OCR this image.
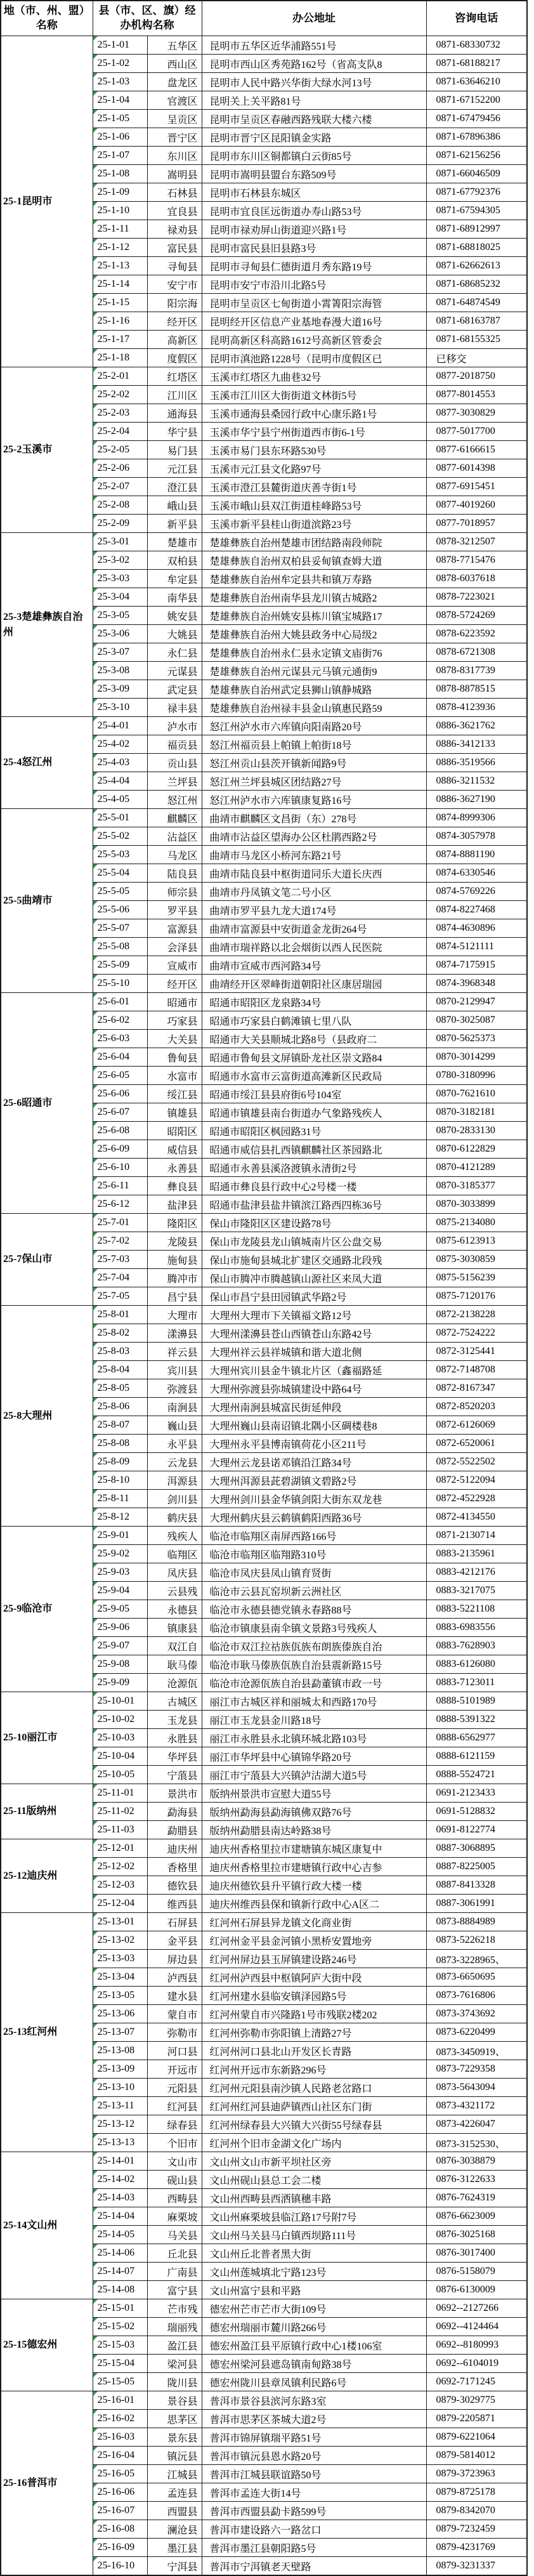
地（市、州、盟）名称	县（市、区、旗）经办机构名称		办公地址	咨询电话
25-1昆明市	25-1-01	五华区	昆明市五华区近华浦路551号	0871-68330732
	25-1-02	西山区	昆明市西山区秀苑路162号（省高支队8	0871-68188217
	25-1-03	盘龙区	昆明市人民中路兴华街大绿水河13号	0871-63646210
	25-1-04	官渡区	昆明关上关平路81号	0871-67152200
	25-1-05	呈贡区	昆明市呈贡区春融西路残联大楼六楼	0871-67479456
	25-1-06	晋宁区	昆明市晋宁区昆阳镇金实路	0871-67896386
	25-1-07	东川区	昆明市东川区铜都镇白云街85号	0871-62156256
	25-1-08	嵩明县	昆明市嵩明县盟台东路509号	0871-66046509
	25-1-09	石林县	昆明市石林县东城区	0871-67792376
	25-1-10	宜良县	昆明市宜良匡远街道办寿山路53号	0871-67594305
	25-1-11	禄劝县	昆明市禄劝屏山街道迎兴路1号	0871-68912997
	25-1-12	富民县	昆明市富民县旧县路3号	0871-68818025
	25-1-13	寻甸县	昆明市寻甸县仁德街道月秀东路19号	0871-62662613
	25-1-14	安宁市	昆明市安宁市沿川北路5号	0871-68685232
	25-1-15	阳宗海	昆明市呈贡区七甸街道小霄箐阳宗海管	0871-64874549
	25-1-16	经开区	昆明经开区信息产业基地春漫大道16号	0871-68163787
	25-1-17	高新区	昆明高新区科高路1612号高新区管委会	0871-68155325
	25-1-18	度假区	昆明市滇池路1228号（昆明市度假区已	已移交
25-2玉溪市	25-2-01	红塔区	玉溪市红塔区九曲巷32号	0877-2018750
	25-2-02	江川区	玉溪市江川区大街街道文林街5号	0877-8014553
	25-2-03	通海县	玉溪市通海县桑园行政中心康乐路1号	0877-3030829
	25-2-04	华宁县	玉溪市华宁县宁州街道西市街6-1号	0877-5017700
	25-2-05	易门县	玉溪市易门县东环路530号	0877-6166615
	25-2-06	元江县	玉溪市元江县文化路97号	0877-6014398
	25-2-07	澄江县	玉溪市澄江县麓街道庆善寺街1号	0877-6915451
	25-2-08	峨山县	玉溪市峨山县双江街道桂峰路53号	0877-4019260
	25-2-09	新平县	玉溪市新平县桂山街道滨路23号	0877-7018957
25-3楚雄彝族自治州	25-3-01	楚雄市	楚雄彝族自治州楚雄市团结路南段师院	0878-3212507
	25-3-02	双柏县	楚雄彝族自治州双柏县妥甸镇查姆大道	0878-7715476
	25-3-03	牟定县	楚雄彝族自治州牟定县共和镇万寿路	0878-6037618
	25-3-04	南华县	楚雄彝族自治州南华县龙川镇古城路2	0878-7223021
	25-3-05	姚安县	楚雄彝族自治州姚安县栋川镇宝城路17	0878-5724269
	25-3-06	大姚县	楚雄彝族自治州大姚县政务中心局级2	0878-6223592
	25-3-07	永仁县	楚雄彝族自治州永仁县永定镇文庙街76	0878-6721308
	25-3-08	元谋县	楚雄彝族自治州元谋县元马镇元通街9	0878-8317739
	25-3-09	武定县	楚雄彝族自治州武定县狮山镇静城路	0878-8878515
	25-3-10	禄丰县	楚雄彝族自治州禄丰县金山镇惠民路59	0878-4123936
25-4怒江州	25-4-01	泸水市	怒江州泸水市六库镇向阳南路20号	0886-3621762
	25-4-02	福贡县	怒江州福贡县上帕镇上帕街18号	0886-3412133
	25-4-03	贡山县	怒江州贡山县茨开镇新闻路9号	0886-3519566
	25-4-04	兰坪县	怒江州兰坪县城区团结路27号	0886-3211532
	25-4-05	怒江州	怒江州泸水市六库镇康复路16号	0886-3627190
25-5曲靖市	25-5-01	麒麟区	曲靖市麒麟区文昌街（东）278号	0874-8999306
	25-5-02	沾益区	曲靖市沾益区望海办公区杜鹃西路2号	0874-3057978
	25-5-03	马龙区	曲靖市马龙区小桥河东路21号	0874-8881190
	25-5-04	陆良县	曲靖市陆良县中枢街道同乐大道长庆西	0874-6330546
	25-5-05	师宗县	曲靖市丹凤镇文笔二号小区	0874-5769226
	25-5-06	罗平县	曲靖市罗平县九龙大道174号	0874-8227468
	25-5-07	富源县	曲靖市富源县中安街道金龙街264号	0874-4630896
	25-5-08	会泽县	曲靖市瑞祥路以北会烟街以西人民医院	0874-5121111
	25-5-09	宣威市	曲靖市宣威市西河路34号	0874-7175915
	25-5-10	经开区	曲靖经开区翠峰街道朝阳社区康居瑞园	0874-3968348
25-6昭通市	25-6-01	昭通市	昭通市昭阳区龙泉路34号	0870-2129947
	25-6-02	巧家县	昭通市巧家县白鹤滩镇七里八队	0870-3025087
	25-6-03	大关县	昭通市大关县顺城北路8号（县政府二	0870-5625373
	25-6-04	鲁甸县	昭通市鲁甸县文屏镇卧龙社区崇文路84	0870-3014299
	25-6-05	水富市	昭通市水富市云富街道高滩新区民政局	0780-3180996
	25-6-06	绥江县	昭通市绥江县县府街6号104室	0870-7621610
	25-6-07	镇雄县	昭通市镇雄县南台街道办气象路残疾人	0870-3182181
	25-6-08	昭阳区	昭通市昭阳区枫园路31号	0870-2833130
	25-6-09	威信县	昭通市威信县扎西镇麒麟社区茶园路北	0870-6122829
	25-6-10	永善县	昭通市永善县溪洛渡镇永清街2号	0870-4121289
	25-6-11	彝良县	昭通市彝良县行政中心2号楼一楼	0870-3185377
	25-6-12	盐津县	昭通市盐津县盐井镇滨江路西四栋36号	0870-3033899
25-7保山市	25-7-01	隆阳区	保山市隆阳区区建设路78号	0875-2134080
	25-7-02	龙陵县	保山市龙陵县龙山镇城南片区公盘交易	0875-6123913
	25-7-03	施甸县	保山市施甸县城北扩建区交通路北段残	0875-3030859
	25-7-04	腾冲市	保山市腾冲市腾越镇山源社区来凤大道	0875-5156239
	25-7-05	昌宁县	保山市昌宁县田园镇武华路2号	0875-7120176
25-8大理州	25-8-01	大理市	大理州大理市下关镇福文路12号	0872-2138228
	25-8-02	漾濞县	大理州漾濞县苍山西镇苍山东路42号	0872-7524222
	25-8-03	祥云县	大理州祥云县祥城镇和谐大道北侧	0872-3125441
	25-8-04	宾川县	大理州宾川县金牛镇北片区（鑫福路延	0872-7148708
	25-8-05	弥渡县	大理州弥渡县弥城镇建设中路64号	0872-8167347
	25-8-06	南涧县	大理州南涧县城富民街延伸段	0872-8520203
	25-8-07	巍山县	大理州巍山县南诏镇北隅小区碉楼巷8	0872-6126069
	25-8-08	永平县	大理州永平县博南镇荷花小区211号	0872-6520061
	25-8-09	云龙县	大理州云龙县诺邓镇沿江路34号	0872-5522502
	25-8-10	洱源县	大理州洱源县茈碧湖镇文碧路2号	0872-5122094
	25-8-11	剑川县	大理州剑川县金华镇剑阳大街东双龙巷	0872-4522928
	25-8-12	鹤庆县	大理州鹤庆县云鹤镇鹤阳西路36号	0872-4134550
25-9临沧市	25-9-01	残疾人	临沧市临翔区南屏西路166号	0871-2130714
	25-9-02	临翔区	临沧市临翔区临翔路310号	0883-2135961
	25-9-03	凤庆县	临沧市凤庆县凤山镇育贤街	0883-4212176
	25-9-04	云县残	临沧市云县瓦窑坝新云洲社区	0883-3217075
	25-9-05	永德县	临沧市永德县德党镇永春路88号	0883-5221108
	25-9-06	镇康县	临沧市镇康县南伞镇文景路3号残疾人	0883-6983556
	25-9-07	双江自	临沧市双江拉祜族佤族布朗族傣族自治	0883-7628903
	25-9-08	耿马傣	临沧市耿马傣族佤族自治县震新路15号	0883-6126080
	25-9-09	沧源佤	临沧市沧源佤族自治县勐董镇市政一号	0883-7123011
25-10丽江市	25-10-01	古城区	丽江市古城区祥和丽城太和西路170号	0888-5101989
	25-10-02	玉龙县	丽江市玉龙县金川路18号	0888-5391322
	25-10-03	永胜县	丽江市永胜县永北镇环城北路103号	0888-6562977
	25-10-04	华坪县	丽江市华坪县中心镇锦华路20号	0888-6121159
	25-10-05	宁蒗县	丽江市宁蒗县大兴镇泸沽湖大道5号	0888-5524721
25-11版纳州	25-11-01	景洪市	版纳州景洪市宣慰大道55号	0691-2123433
	25-11-02	勐海县	版纳州勐海县勐海镇佛双路76号	0691-5128832
	25-11-03	勐腊县	版纳州勐腊县南达岭路38号	0691-8122774
25-12迪庆州	25-12-01	迪庆州	迪庆州香格里拉市建塘镇东城区康复中	0887-3068895
	25-12-02	香格里	迪庆州香格里拉市建塘镇行政中心吉参	0887-8225005
	25-12-03	德钦县	迪庆州德钦县升平镇行政大楼一楼	0887-8413328
	25-12-04	维西县	迪庆州维西县保和镇新行政中心A区二	0887-3061991
25-13红河州	25-13-01	石屏县	红河州石屏县异龙镇文化商业街	0873-8884989
	25-13-02	金平县	红河州金平县金河镇小黑桥安置地旁	0873-5226218
	25-13-03	屏边县	红河州屏边县玉屏镇建设路246号	0873-3228965、
	25-13-04	泸西县	红河州泸西县中枢镇阿庐大街中段	0873-6650695
	25-13-05	建水县	红河州建水县临安镇泽园路5号	0873-7616806
	25-13-06	蒙自市	红河州蒙自市兴隆路1号市残联2楼202	0873-3743692
	25-13-07	弥勒市	红河州弥勒市弥阳镇上清路27号	0873-6220499
	25-13-08	河口县	红河州河口县北山开发区长青路	0873-3450919、
	25-13-09	开远市	红河州开远市东新路296号	0873-7229358
	25-13-10	元阳县	红河州元阳县南沙镇人民路老岔路口	0873-5643094
	25-13-11	红河县	红河州红河县迪萨镇西山社区东门街	0873-4321172
	25-13-12	绿春县	红河州绿春县大兴镇大兴街55号绿春县	0873-4226047
	25-13-13	个旧市	红河州个旧市金湖文化广场内	0873-3152530、
25-14文山州	25-14-01	文山市	文山州文山市新平坝社区旁	0876-3038879
	25-14-02	砚山县	文山州砚山县总工会二楼	0876-3122633
	25-14-03	西畴县	文山州西畴县西洒镇穗丰路	0876-7624319
	25-14-04	麻栗坡	文山州麻栗坡县临江路17号附7号	0876-6623009
	25-14-05	马关县	文山州马关县马白镇西坝路111号	0876-3025168
	25-14-06	丘北县	文山州丘北普者黑大街	0876-3017400
	25-14-07	广南县	文山州莲城填北宁路123号	0876-5158079
	25-14-08	富宁县	文山州富宁县和平路	0876-6130009
25-15德宏州	25-15-01	芒市残	德宏州芒市芒市大街109号	0692--2127266
	25-15-02	瑞丽残	德宏州瑞丽市麓川路266号	0692--4124464
	25-15-03	盈江县	德宏州盈江县平原镇行政中心1楼106室	0692--8180993
	25-15-04	梁河县	德宏州梁河县遮岛镇南甸路38号	0692--6104019
	25-15-05	陇川县	德宏州陇川县章凤镇利民路6号	0692-7171245
25-16普洱市	25-16-01	景谷县	普洱市景谷县滨河东路3室	0879-3029775
	25-16-02	思茅区	普洱市思茅区茶城大道2号	0879-2205871
	25-16-03	景东县	普洱市锦屏镇瑞平路51号	0879-6221064
	25-16-04	镇沅县	普洱市镇沅县恩水路20号	0879-5814012
	25-16-05	江城县	普洱市江城县联谊路50号	0879-3723963
	25-16-06	孟连县	普洱市孟连大街14号	0879-8725178
	25-16-07	西盟县	普洱市西盟县勐卡路599号	0879-8342070
	25-16-08	澜沧县	普洱市建设路六一路岔口	0879-7232459
	25-16-09	墨江县	普洱市墨江县朝阳路5号	0879-4231769
	25-16-10	宁洱县	普洱市宁洱镇老天壁路	0879-3231337
